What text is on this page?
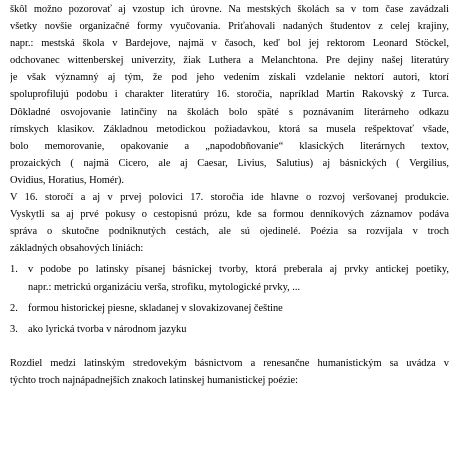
škôl možno pozorovať aj vzostup ich úrovne. Na mestských školách sa v tom čase zavádzali
všetky novšie organizačné formy vyučovania. Priťahovali nadaných študentov z celej krajiny,
napr.: mestská škola v Bardejove, najmä v časoch, keď bol jej rektorom Leonard Stöckel,
odchovanec wittenberskej univerzity, žiak Luthera a Melanchtona. Pre dejiny našej literatúry
je však významný aj tým, že pod jeho vedením získali vzdelanie nektorí autori, ktorí
spoluprofilujú podobu i charakter literatúry 16. storočia, napríklad Martin Rakovský z Turca.
Dôkladné osvojovanie latinčiny na školách bolo späté s poznávaním literárneho odkazu
rímskych klasikov. Základnou metodickou požiadavkou, ktorá sa musela rešpektovať všade,
bolo memorovanie, opakovanie a „napodobňovanie“ klasických literárnych textov,
prozaických ( najmä Cicero, ale aj Caesar, Livius, Salutius) aj básnických ( Vergilius,
Ovidius, Horatius, Homér).
V 16. storočí a aj v prvej polovici 17. storočia ide hlavne o rozvoj veršovanej produkcie.
Vyskytli sa aj prvé pokusy o cestopisnú prózu, kde sa formou denníkových záznamov podáva
správa o skutočne podniknutých cestách, ale sú ojedinelé. Poézia sa rozvíjala v troch
základných obsahových líniách:
1. v podobe po latinsky písanej básnickej tvorby, ktorá preberala aj prvky antickej poetiky,
napr.: metrickú organizáciu verša, strofiku, mytologické prvky, ...
2. formou historickej piesne, skladanej v slovakizovanej češtine
3. ako lyrická tvorba v národnom jazyku
Rozdiel medzi latinským stredovekým básnictvom a renesančne humanistickým sa uvádza v
týchto troch najnápadnejších znakoch latinskej humanistickej poézie:
